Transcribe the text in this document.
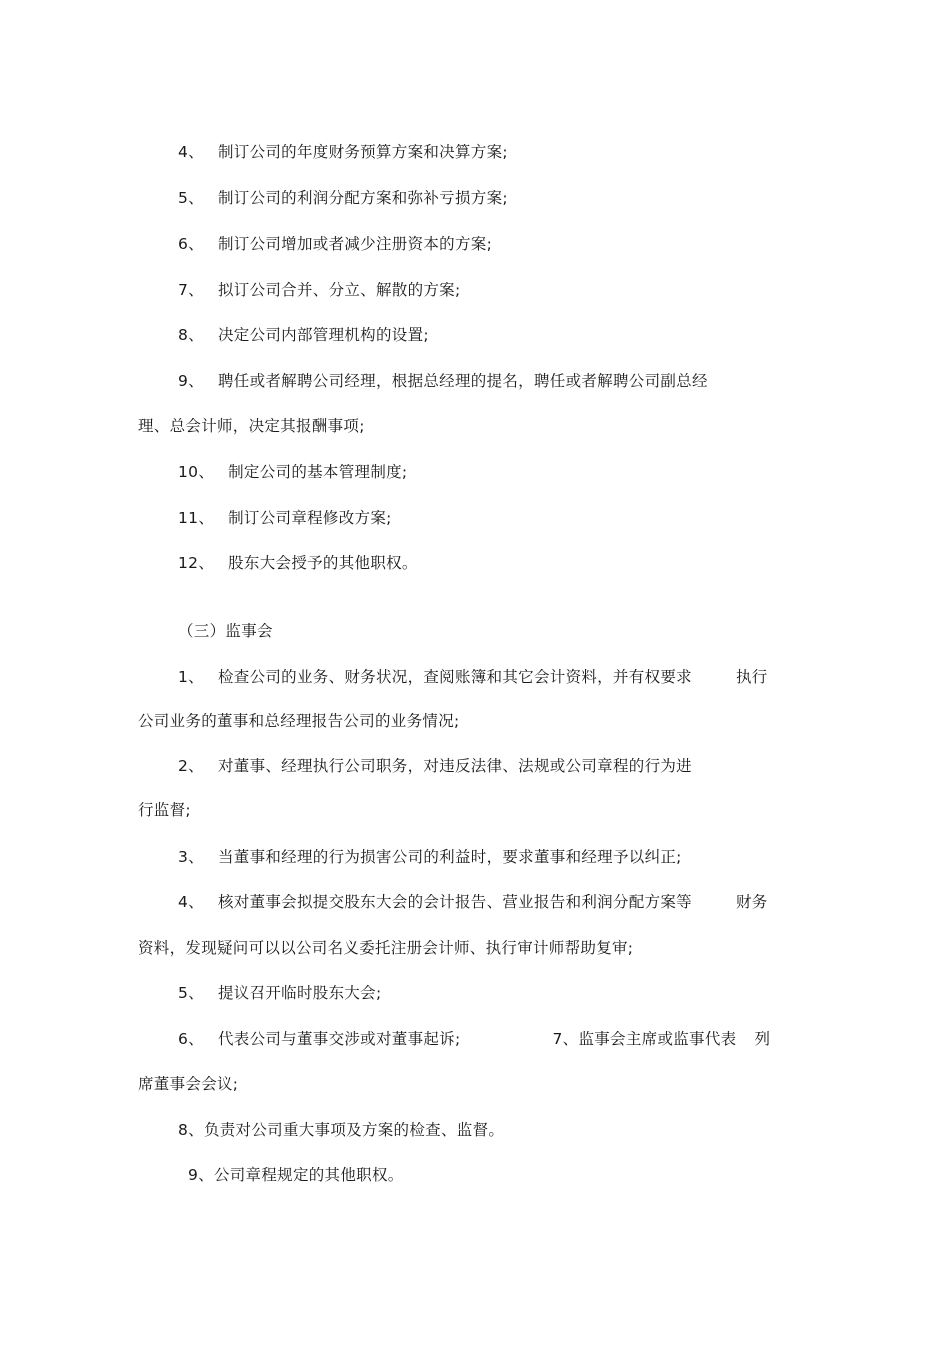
4、 制订公司的年度财务预算方案和决算方案;
5、 制订公司的利润分配方案和弥补亏损方案;
6、 制订公司增加或者减少注册资本的方案;
7、 拟订公司合并、分立、解散的方案;
8、 决定公司内部管理机构的设置;
9、 聘任或者解聘公司经理，根据总经理的提名，聘任或者解聘公司副总经
理、总会计师，决定其报酬事项;
10、 制定公司的基本管理制度;
11、 制订公司章程修改方案;
12、 股东大会授予的其他职权。
（三）监事会
1、 检查公司的业务、财务状况，查阅账簿和其它会计资料，并有权要求	执行
公司业务的董事和总经理报告公司的业务情况;
2、 对董事、经理执行公司职务，对违反法律、法规或公司章程的行为进
行监督;
3、 当董事和经理的行为损害公司的利益时，要求董事和经理予以纠正;
4、 核对董事会拟提交股东大会的会计报告、营业报告和利润分配方案等	财务
资料，发现疑问可以以公司名义委托注册会计师、执行审计师帮助复审;
5、 提议召开临时股东大会;
6、 代表公司与董事交涉或对董事起诉;	7、监事会主席或监事代表 列
席董事会会议;
8、负责对公司重大事项及方案的检查、监督。
9、公司章程规定的其他职权。
